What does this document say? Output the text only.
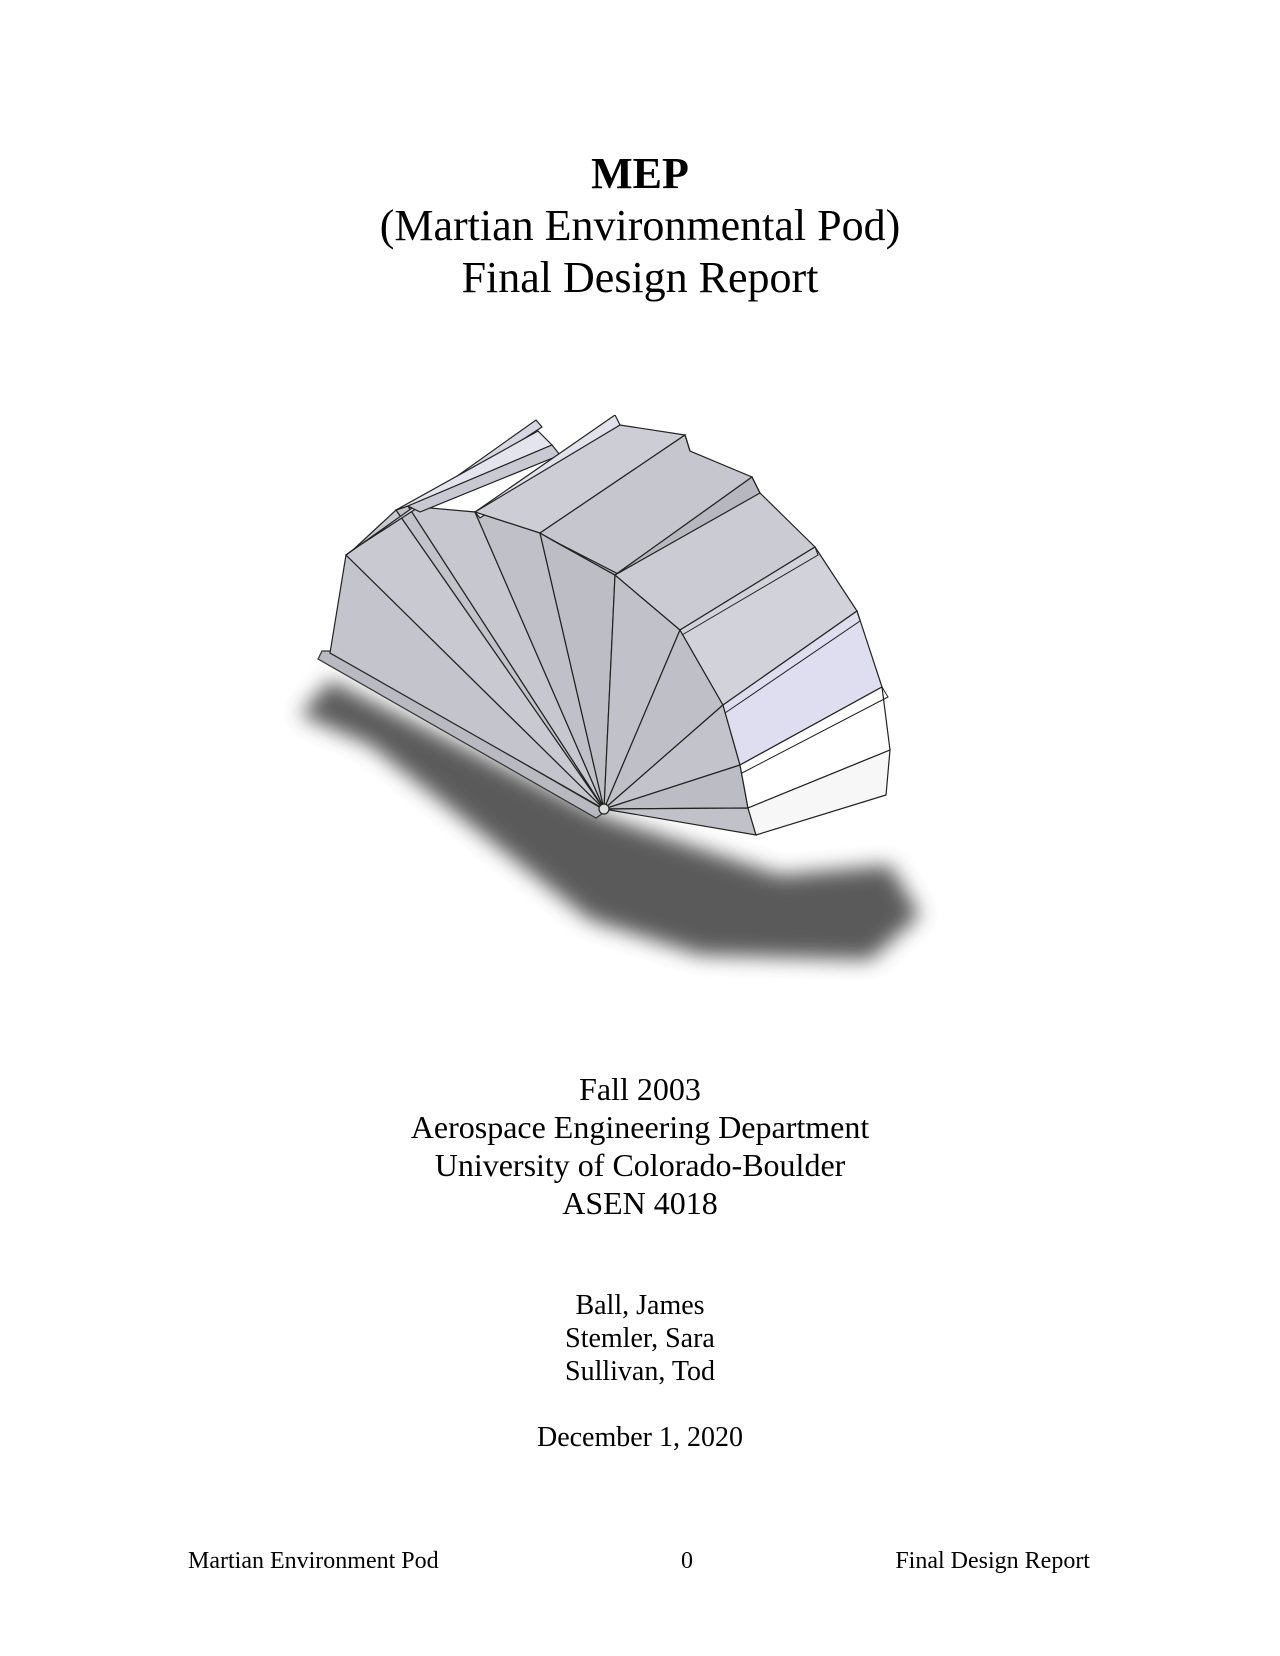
MEP
(Martian Environmental Pod)
Final Design Report
Fall 2003
Aerospace Engineering Department
University of Colorado-Boulder
ASEN 4018
Ball, James
Stemler, Sara
Sullivan, Tod
December 1, 2020
Martian Environment Pod	0	Final Design Report
